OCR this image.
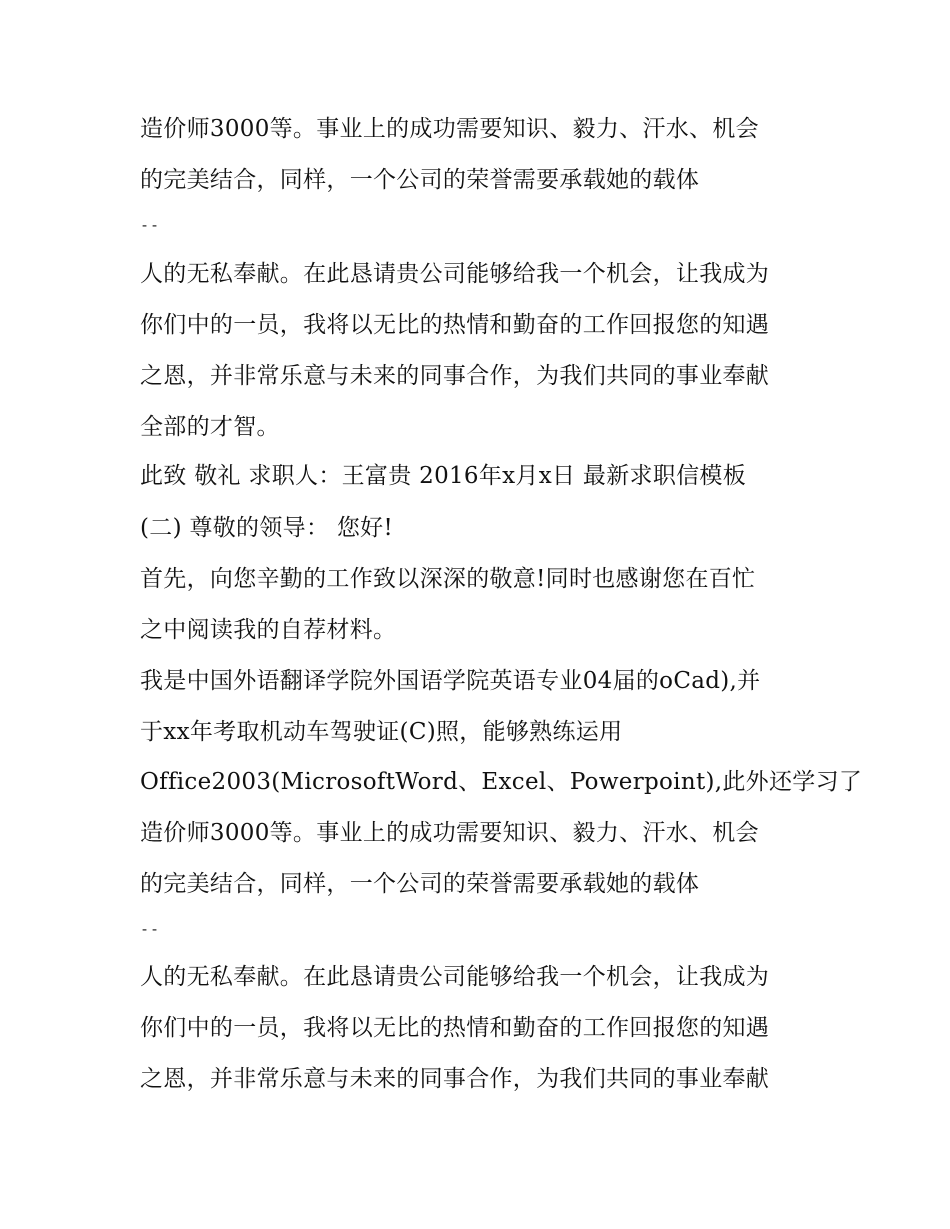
造价师3000等。事业上的成功需要知识、毅力、汗水、机会
的完美结合，同样，一个公司的荣誉需要承载她的载体
--
人的无私奉献。在此恳请贵公司能够给我一个机会，让我成为
你们中的一员，我将以无比的热情和勤奋的工作回报您的知遇
之恩，并非常乐意与未来的同事合作，为我们共同的事业奉献
全部的才智。
此致 敬礼 求职人：王富贵 2016年x月x日 最新求职信模板
(二) 尊敬的领导： 您好!
首先，向您辛勤的工作致以深深的敬意!同时也感谢您在百忙
之中阅读我的自荐材料。
我是中国外语翻译学院外国语学院英语专业04届的oCad),并
于xx年考取机动车驾驶证(C)照，能够熟练运用
Office2003(MicrosoftWord、Excel、Powerpoint),此外还学习了
造价师3000等。事业上的成功需要知识、毅力、汗水、机会
的完美结合，同样，一个公司的荣誉需要承载她的载体
--
人的无私奉献。在此恳请贵公司能够给我一个机会，让我成为
你们中的一员，我将以无比的热情和勤奋的工作回报您的知遇
之恩，并非常乐意与未来的同事合作，为我们共同的事业奉献
